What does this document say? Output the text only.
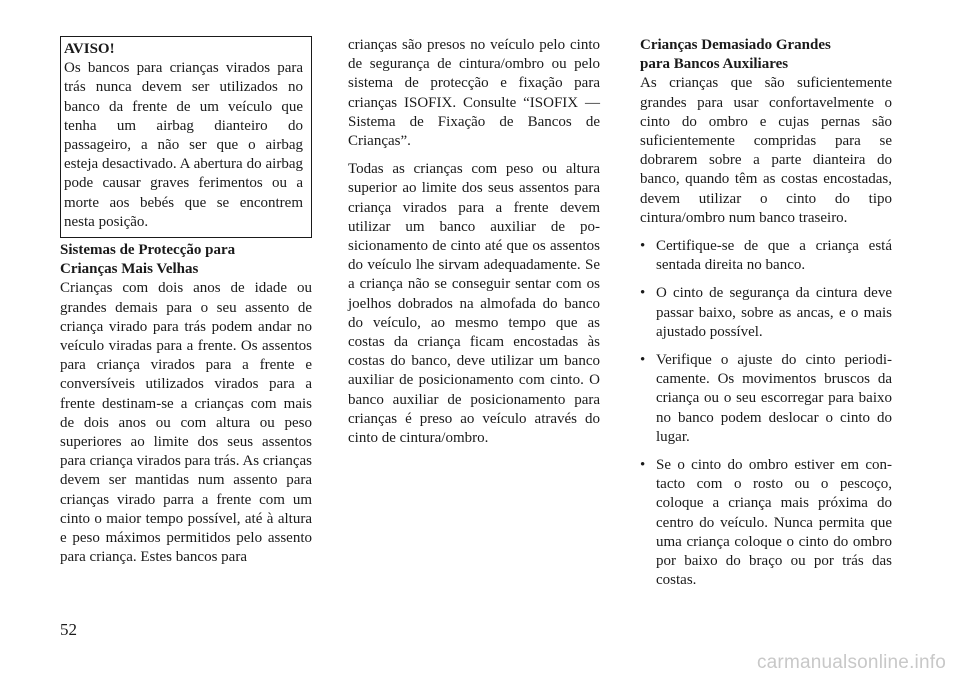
AVISO!
Os bancos para crianças virados para trás nunca devem ser utilizados no banco da frente de um veículo que tenha um airbag dianteiro do passageiro, a não ser que o airbag esteja desactivado. A abertura do airbag pode causar graves ferimentos ou a morte aos bebés que se encontrem nesta posição.
Sistemas de Protecção para
Crianças Mais Velhas
Crianças com dois anos de idade ou grandes demais para o seu assento de criança virado para trás podem andar no veículo viradas para a frente. Os assentos para criança virados para a frente e conversíveis utilizados virados para a frente destinam-se a crianças com mais de dois anos ou com altura ou peso superiores ao limite dos seus assentos para criança virados para trás. As crianças devem ser mantidas num assento para crianças virado parra a frente com um cinto o maior tempo possível, até à altura e peso máximos permitidos pelo assento para criança. Estes bancos para
crianças são presos no veículo pelo cinto de segurança de cintura/ombro ou pelo sistema de protecção e fixação para crianças ISOFIX. Consulte “ISOFIX — Sistema de Fixação de Bancos de Crianças”.
Todas as crianças com peso ou altura superior ao limite dos seus assentos para criança virados para a frente devem utilizar um banco auxiliar de posicionamento de cinto até que os assentos do veículo lhe sirvam adequadamente. Se a criança não se conseguir sentar com os joelhos dobrados na almofada do banco do veículo, ao mesmo tempo que as costas da criança ficam encostadas às costas do banco, deve utilizar um banco auxiliar de posicionamento com cinto. O banco auxiliar de posicionamento para crianças é preso ao veículo através do cinto de cintura/ombro.
Crianças Demasiado Grandes
para Bancos Auxiliares
As crianças que são suficientemente grandes para usar confortavelmente o cinto do ombro e cujas pernas são suficientemente compridas para se dobrarem sobre a parte dianteira do banco, quando têm as costas encostadas, devem utilizar o cinto do tipo cintura/ombro num banco traseiro.
• Certifique-se de que a criança está sentada direita no banco.
• O cinto de segurança da cintura deve passar baixo, sobre as ancas, e o mais ajustado possível.
• Verifique o ajuste do cinto periodicamente. Os movimentos bruscos da criança ou o seu escorregar para baixo no banco podem deslocar o cinto do lugar.
• Se o cinto do ombro estiver em contacto com o rosto ou o pescoço, coloque a criança mais próxima do centro do veículo. Nunca permita que uma criança coloque o cinto do ombro por baixo do braço ou por trás das costas.
52
carmanualsonline.info
